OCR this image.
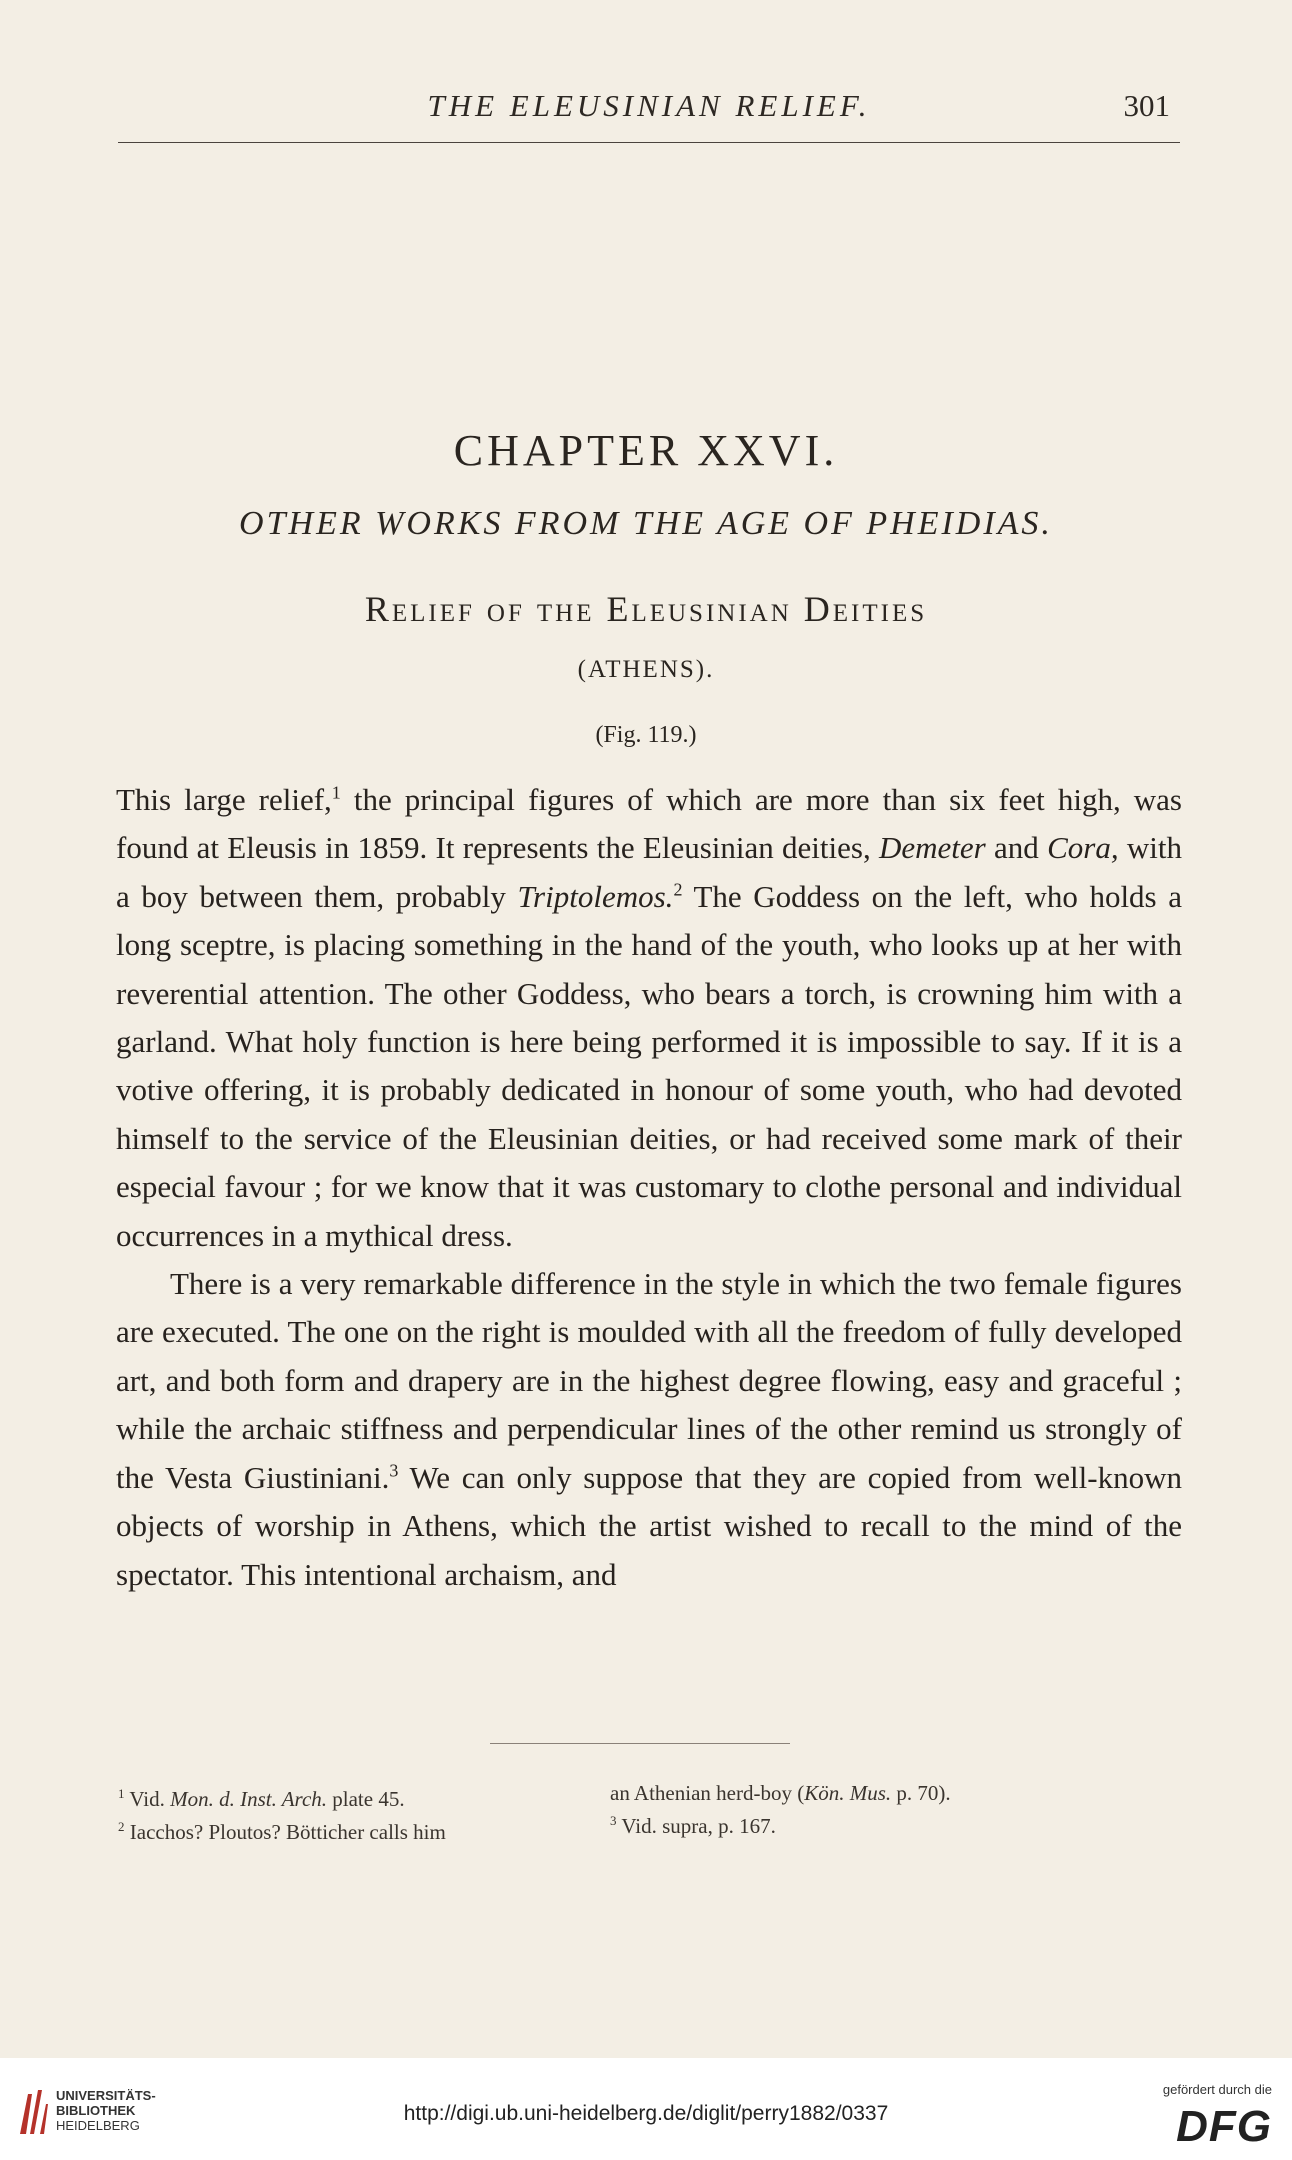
THE ELEUSINIAN RELIEF.	301
CHAPTER XXVI.
OTHER WORKS FROM THE AGE OF PHEIDIAS.
Relief of the Eleusinian Deities
(ATHENS).
(Fig. 119.)

This large relief,$^1$ the principal figures of which are more than six feet high, was found at Eleusis in 1859. It represents the Eleusinian deities, Demeter and Cora, with a boy between them, probably Triptolemos.$^2$ The Goddess on the left, who holds a long sceptre, is placing something in the hand of the youth, who looks up at her with reverential attention. The other Goddess, who bears a torch, is crowning him with a garland. What holy function is here being performed it is impossible to say. If it is a votive offering, it is probably dedicated in honour of some youth, who had devoted himself to the service of the Eleusinian deities, or had received some mark of their especial favour ; for we know that it was customary to clothe personal and individual occurrences in a mythical dress.

There is a very remarkable difference in the style in which the two female figures are executed. The one on the right is moulded with all the freedom of fully developed art, and both form and drapery are in the highest degree flowing, easy and graceful ; while the archaic stiffness and perpendicular lines of the other remind us strongly of the Vesta Giustiniani.$^3$ We can only suppose that they are copied from well-known objects of worship in Athens, which the artist wished to recall to the mind of the spectator. This intentional archaism, and

$^1$ Vid. Mon. d. Inst. Arch. plate 45.
$^2$ Iacchos? Ploutos? Bötticher calls him
an Athenian herd-boy (Kön. Mus. p. 70).
$^3$ Vid. supra, p. 167.
UNIVERSITÄTS-
BIBLIOTHEK
HEIDELBERG
http://digi.ub.uni-heidelberg.de/diglit/perry1882/0337
gefördert durch die
DFG
